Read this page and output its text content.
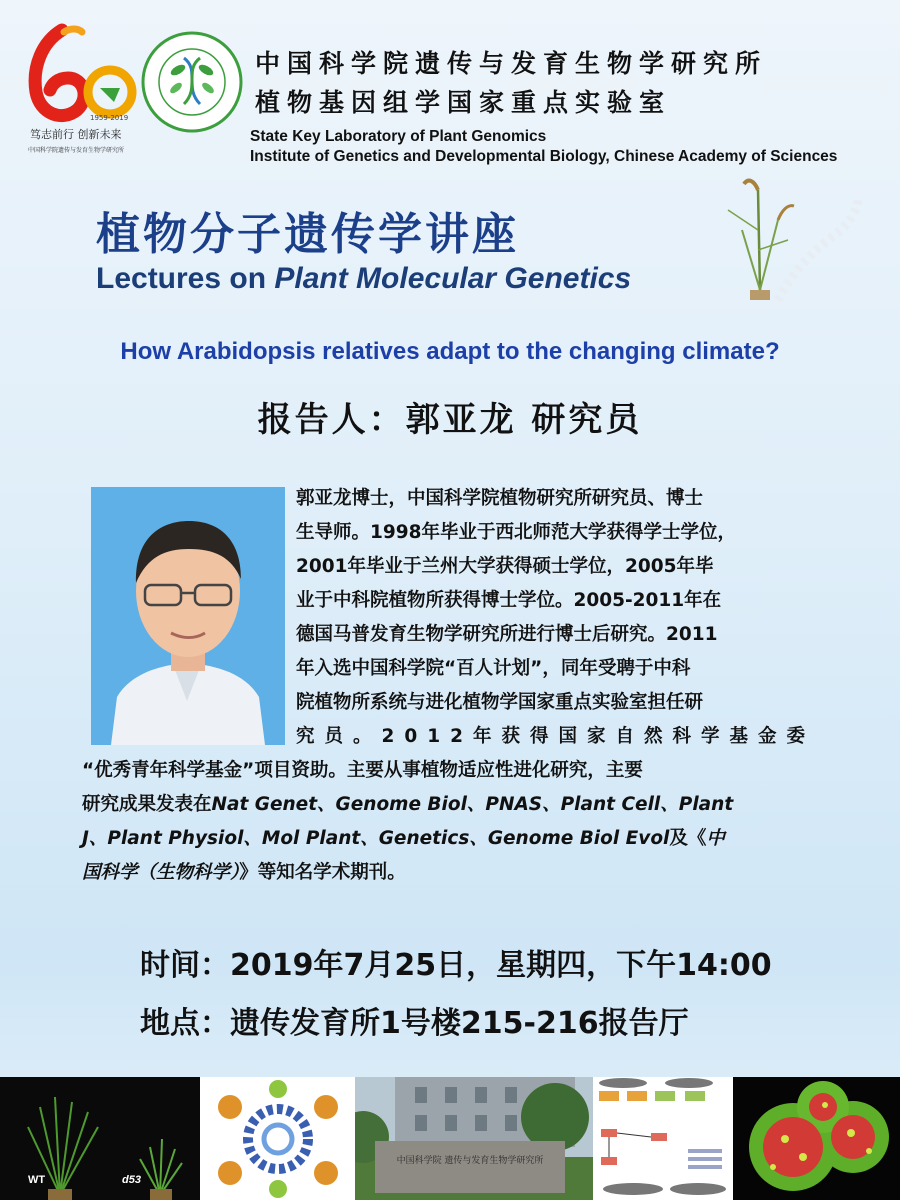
1959-2019
笃志前行 创新未来
中国科学院遗传与发育生物学研究所
中国科学院遗传与发育生物学研究所
植物基因组学国家重点实验室
State Key Laboratory of Plant Genomics
Institute of Genetics and Developmental Biology, Chinese Academy of Sciences
植物分子遗传学讲座
Lectures on Plant Molecular Genetics
How Arabidopsis relatives adapt to the changing climate?
报告人：郭亚龙 研究员
郭亚龙博士，中国科学院植物研究所研究员、博士
生导师。1998年毕业于西北师范大学获得学士学位，
2001年毕业于兰州大学获得硕士学位，2005年毕
业于中科院植物所获得博士学位。2005-2011年在
德国马普发育生物学研究所进行博士后研究。2011
年入选中国科学院“百人计划”，同年受聘于中科
院植物所系统与进化植物学国家重点实验室担任研
究员。2012年获得国家自然科学基金委
“优秀青年科学基金”项目资助。主要从事植物适应性进化研究，主要
研究成果发表在Nat Genet、Genome Biol、PNAS、Plant Cell、Plant
J、Plant Physiol、Mol Plant、Genetics、Genome Biol Evol及《中
国科学（生物科学）》等知名学术期刊。
时间：2019年7月25日，星期四，下午14:00
地点：遗传发育所1号楼215-216报告厅
WT	d53
中国科学院 遗传与发育生物学研究所
